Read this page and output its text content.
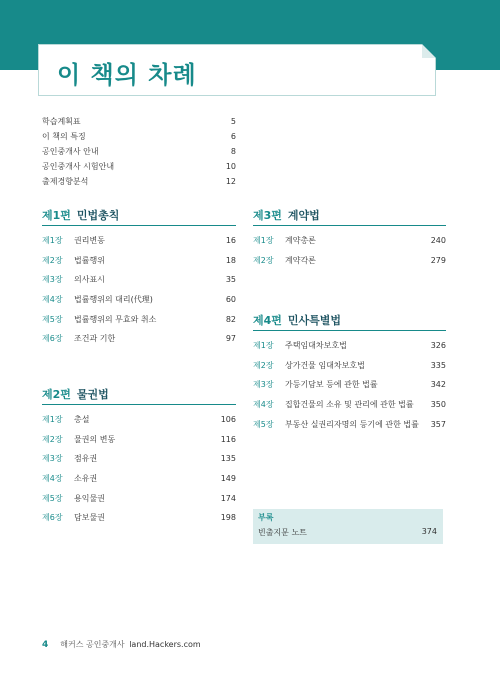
이 책의 차례
학습계획표	5
이 책의 특징	6
공인중개사 안내	8
공인중개사 시험안내	10
출제경향분석	12
제1편 민법총칙
제1장	권리변동	16
제2장	법률행위	18
제3장	의사표시	35
제4장	법률행위의 대리(代理)	60
제5장	법률행위의 무효와 취소	82
제6장	조건과 기한	97
제2편 물권법
제1장	총설	106
제2장	물권의 변동	116
제3장	점유권	135
제4장	소유권	149
제5장	용익물권	174
제6장	담보물권	198
제3편 계약법
제1장	계약총론	240
제2장	계약각론	279
제4편 민사특별법
제1장	주택임대차보호법	326
제2장	상가건물 임대차보호법	335
제3장	가등기담보 등에 관한 법률	342
제4장	집합건물의 소유 및 관리에 관한 법률	350
제5장	부동산 실권리자명의 등기에 관한 법률	357
부록
빈출지문 노트	374
4 해커스 공인중개사 land.Hackers.com
